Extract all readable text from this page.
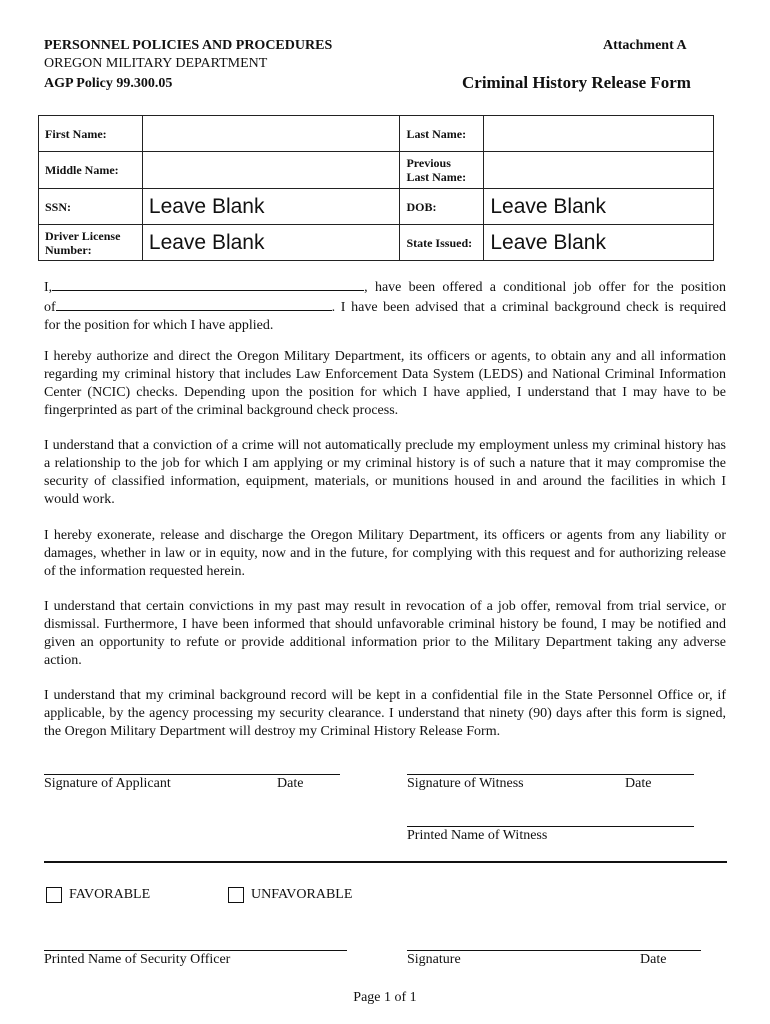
PERSONNEL POLICIES AND PROCEDURES
OREGON MILITARY DEPARTMENT
AGP Policy 99.300.05
Attachment A
Criminal History Release Form
First Name:		Last Name:	
Middle Name:		Previous
Last Name:	

SSN:	Leave Blank	DOB:	Leave Blank

Driver License
Number:	Leave Blank	State Issued:	Leave Blank
I,	, have been offered a conditional job offer for the position
of	. I have been advised that a criminal background check is required
for the position for which I have applied.
I hereby authorize and direct the Oregon Military Department, its officers or agents, to obtain any and all information regarding my criminal history that includes Law Enforcement Data System (LEDS) and National Criminal Information Center (NCIC) checks. Depending upon the position for which I have applied, I understand that I may have to be fingerprinted as part of the criminal background check process.
I understand that a conviction of a crime will not automatically preclude my employment unless my criminal history has a relationship to the job for which I am applying or my criminal history is of such a nature that it may compromise the security of classified information, equipment, materials, or munitions housed in and around the facilities in which I would work.
I hereby exonerate, release and discharge the Oregon Military Department, its officers or agents from any liability or damages, whether in law or in equity, now and in the future, for complying with this request and for authorizing release of the information requested herein.
I understand that certain convictions in my past may result in revocation of a job offer, removal from trial service, or dismissal. Furthermore, I have been informed that should unfavorable criminal history be found, I may be notified and given an opportunity to refute or provide additional information prior to the Military Department taking any adverse action.
I understand that my criminal background record will be kept in a confidential file in the State Personnel Office or, if applicable, by the agency processing my security clearance. I understand that ninety (90) days after this form is signed, the Oregon Military Department will destroy my Criminal History Release Form.
Signature of Applicant	Date	Signature of Witness	Date
Printed Name of Witness
FAVORABLE	UNFAVORABLE
Printed Name of Security Officer	Signature	Date
Page 1 of 1
